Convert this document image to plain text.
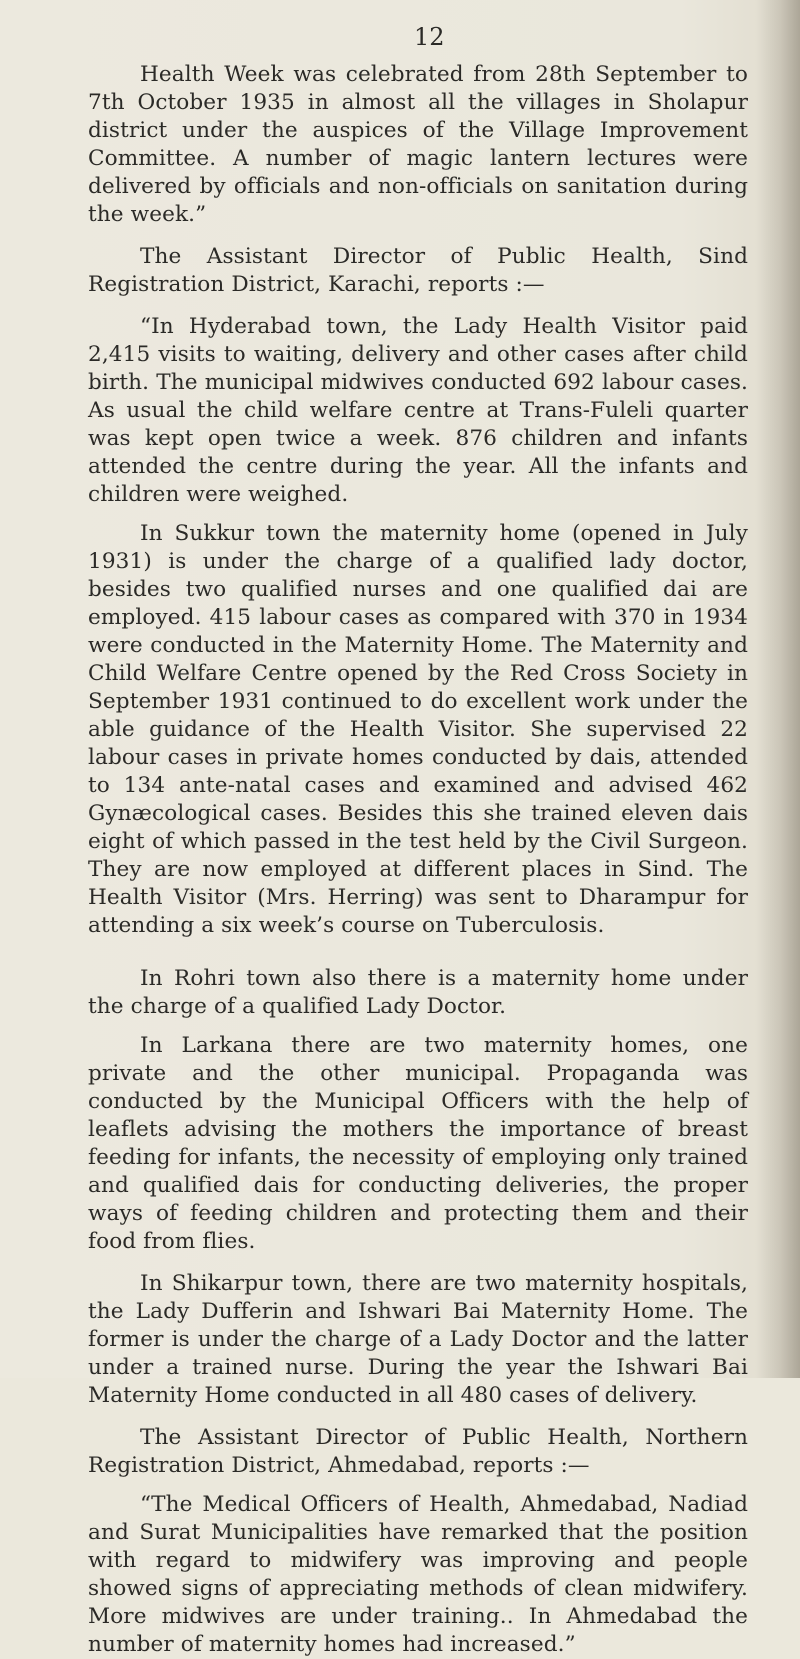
12

Health Week was celebrated from 28th September to 7th October 1935 in almost all the villages in Sholapur district under the auspices of the Village Improvement Committee. A number of magic lantern lectures were delivered by officials and non-officials on sanitation during the week.”

The Assistant Director of Public Health, Sind Registration District, Karachi, reports :—

“In Hyderabad town, the Lady Health Visitor paid 2,415 visits to waiting, delivery and other cases after child birth. The municipal midwives conducted 692 labour cases. As usual the child welfare centre at Trans-Fuleli quarter was kept open twice a week. 876 children and infants attended the centre during the year. All the infants and children were weighed.

In Sukkur town the maternity home (opened in July 1931) is under the charge of a qualified lady doctor, besides two qualified nurses and one qualified dai are employed. 415 labour cases as compared with 370 in 1934 were conducted in the Maternity Home. The Maternity and Child Welfare Centre opened by the Red Cross Society in September 1931 continued to do excellent work under the able guidance of the Health Visitor. She supervised 22 labour cases in private homes conducted by dais, attended to 134 ante-natal cases and examined and advised 462 Gynæcological cases. Besides this she trained eleven dais eight of which passed in the test held by the Civil Surgeon. They are now employed at different places in Sind. The Health Visitor (Mrs. Herring) was sent to Dharampur for attending a six week’s course on Tuberculosis.

In Rohri town also there is a maternity home under the charge of a qualified Lady Doctor.

In Larkana there are two maternity homes, one private and the other municipal. Propaganda was conducted by the Municipal Officers with the help of leaflets advising the mothers the importance of breast feeding for infants, the necessity of employing only trained and qualified dais for conducting deliveries, the proper ways of feeding children and protecting them and their food from flies.

In Shikarpur town, there are two maternity hospitals, the Lady Dufferin and Ishwari Bai Maternity Home. The former is under the charge of a Lady Doctor and the latter under a trained nurse. During the year the Ishwari Bai Maternity Home conducted in all 480 cases of delivery.

The Assistant Director of Public Health, Northern Registration District, Ahmedabad, reports :—

“The Medical Officers of Health, Ahmedabad, Nadiad and Surat Municipalities have remarked that the position with regard to midwifery was improving and people showed signs of appreciating methods of clean midwifery. More midwives are under training.. In Ahmedabad the number of maternity homes had increased.”
